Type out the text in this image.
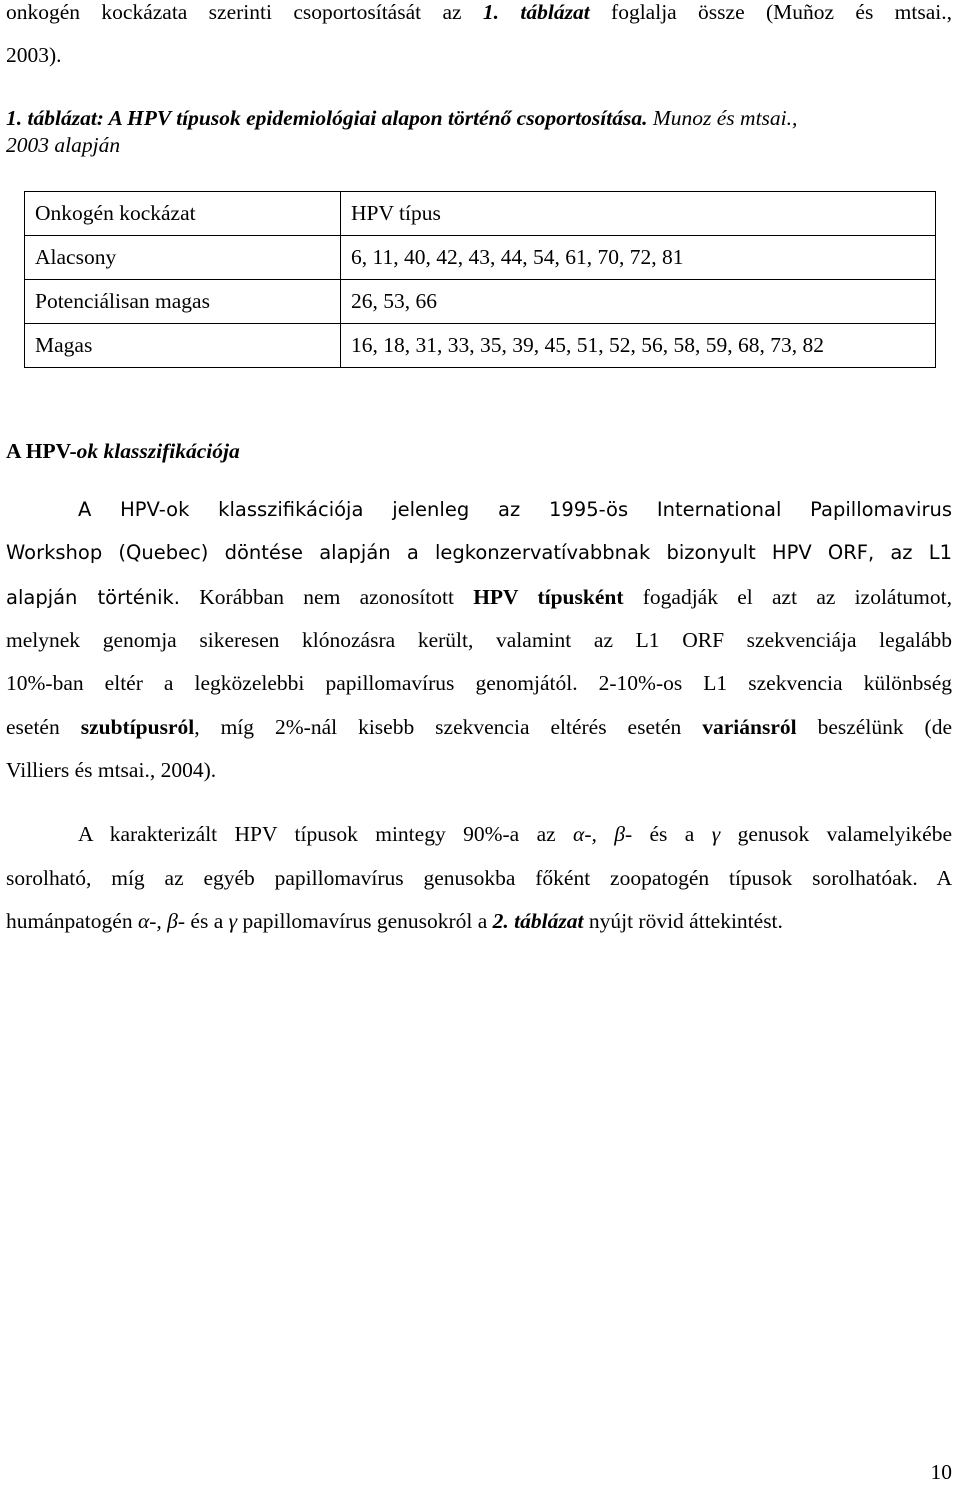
onkogén kockázata szerinti csoportosítását az 1. táblázat foglalja össze (Muñoz és mtsai.,
2003).
1. táblázat: A HPV típusok epidemiológiai alapon történő csoportosítása. Munoz és mtsai.,
2003 alapján
Onkogén kockázat	HPV típus
Alacsony	6, 11, 40, 42, 43, 44, 54, 61, 70, 72, 81
Potenciálisan magas	26, 53, 66
Magas	16, 18, 31, 33, 35, 39, 45, 51, 52, 56, 58, 59, 68, 73, 82
A HPV-ok klasszifikációja
A HPV-ok klasszifikációja jelenleg az 1995-ös International Papillomavirus
Workshop (Quebec) döntése alapján a legkonzervatívabbnak bizonyult HPV ORF, az L1
alapján történik. Korábban nem azonosított HPV típusként fogadják el azt az izolátumot,
melynek genomja sikeresen klónozásra került, valamint az L1 ORF szekvenciája legalább
10%-ban eltér a legközelebbi papillomavírus genomjától. 2-10%-os L1 szekvencia különbség
esetén szubtípusról, míg 2%-nál kisebb szekvencia eltérés esetén variánsról beszélünk (de
Villiers és mtsai., 2004).
A karakterizált HPV típusok mintegy 90%-a az α-, β- és a γ genusok valamelyikébe
sorolható, míg az egyéb papillomavírus genusokba főként zoopatogén típusok sorolhatóak. A
humánpatogén α-, β- és a γ papillomavírus genusokról a 2. táblázat nyújt rövid áttekintést.
10
